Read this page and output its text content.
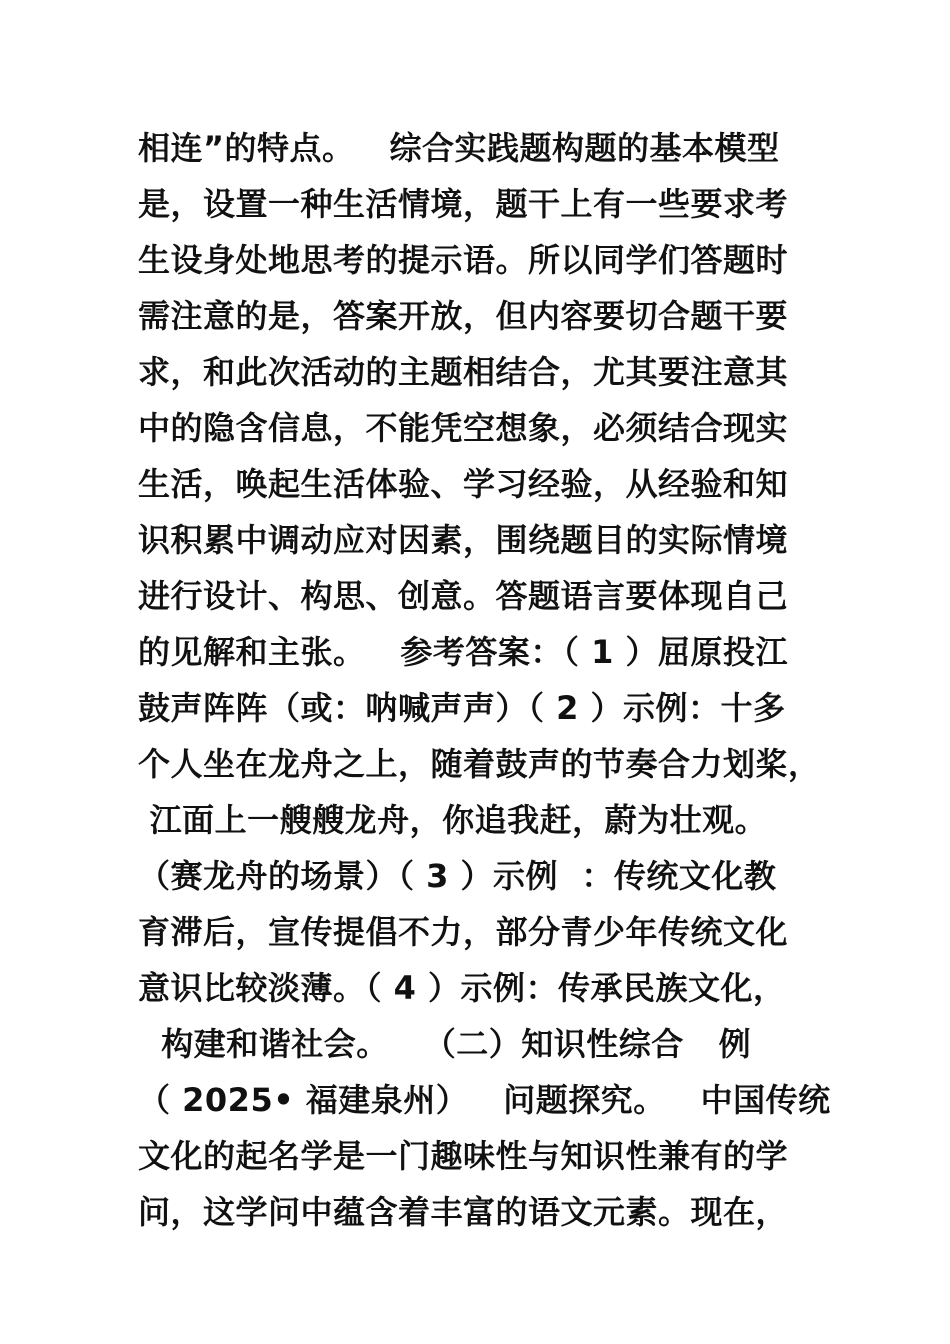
相连”的特点。   综合实践题构题的基本模型
是，设置一种生活情境，题干上有一些要求考
生设身处地思考的提示语。所以同学们答题时
需注意的是，答案开放，但内容要切合题干要
求，和此次活动的主题相结合，尤其要注意其
中的隐含信息，不能凭空想象，必须结合现实
生活，唤起生活体验、学习经验，从经验和知
识积累中调动应对因素，围绕题目的实际情境
进行设计、构思、创意。答题语言要体现自己
的见解和主张。   参考答案：（ 1 ）屈原投江
鼓声阵阵（或：呐喊声声）（ 2 ）示例：十多
个人坐在龙舟之上，随着鼓声的节奏合力划桨，
江面上一艘艘龙舟，你追我赶，蔚为壮观。
（赛龙舟的场景）（ 3 ）示例  ：传统文化教
育滞后，宣传提倡不力，部分青少年传统文化
意识比较淡薄。（ 4 ）示例：传承民族文化，
构建和谐社会。   （二）知识性综合   例
（ 2025• 福建泉州）   问题探究。   中国传统
文化的起名学是一门趣味性与知识性兼有的学
问，这学问中蕴含着丰富的语文元素。现在，
